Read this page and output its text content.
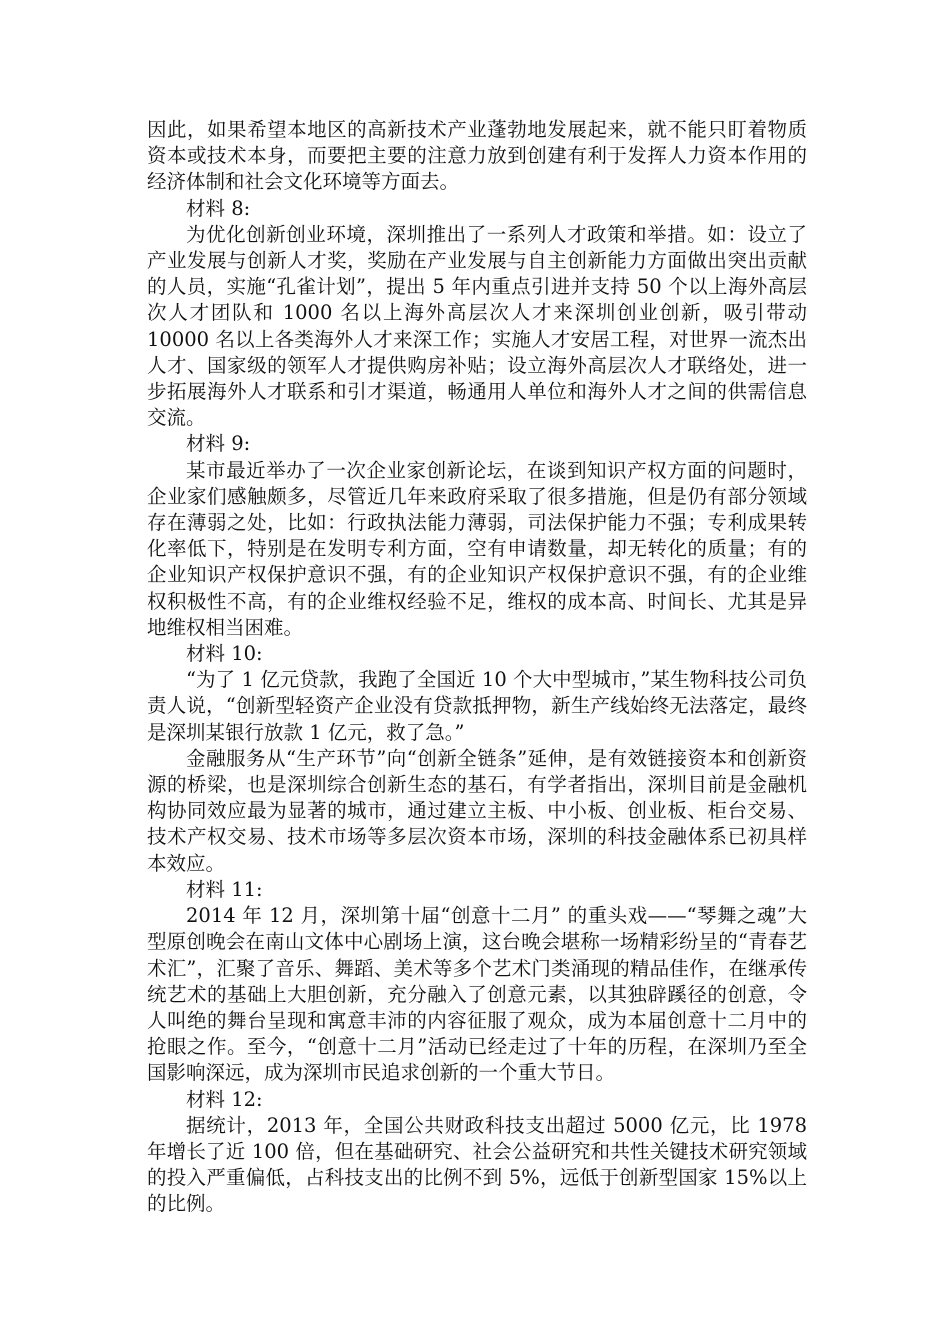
因此，如果希望本地区的高新技术产业蓬勃地发展起来，就不能只盯着物质资本或技术本身，而要把主要的注意力放到创建有利于发挥人力资本作用的经济体制和社会文化环境等方面去。

材料 8:

为优化创新创业环境，深圳推出了一系列人才政策和举措。如：设立了产业发展与创新人才奖，奖励在产业发展与自主创新能力方面做出突出贡献的人员，实施“孔雀计划”，提出 5 年内重点引进并支持 50 个以上海外高层次人才团队和 1000 名以上海外高层次人才来深圳创业创新，吸引带动 10000 名以上各类海外人才来深工作；实施人才安居工程，对世界一流杰出人才、国家级的领军人才提供购房补贴；设立海外高层次人才联络处，进一步拓展海外人才联系和引才渠道，畅通用人单位和海外人才之间的供需信息交流。

材料 9:

某市最近举办了一次企业家创新论坛，在谈到知识产权方面的问题时，企业家们感触颇多，尽管近几年来政府采取了很多措施，但是仍有部分领域存在薄弱之处，比如：行政执法能力薄弱，司法保护能力不强；专利成果转化率低下，特别是在发明专利方面，空有申请数量，却无转化的质量；有的企业知识产权保护意识不强，有的企业知识产权保护意识不强，有的企业维权积极性不高，有的企业维权经验不足，维权的成本高、时间长、尤其是异地维权相当困难。

材料 10:

“为了 1 亿元贷款，我跑了全国近 10 个大中型城市，”某生物科技公司负责人说，“创新型轻资产企业没有贷款抵押物，新生产线始终无法落定，最终是深圳某银行放款 1 亿元，救了急。”

金融服务从“生产环节”向“创新全链条”延伸，是有效链接资本和创新资源的桥梁，也是深圳综合创新生态的基石，有学者指出，深圳目前是金融机构协同效应最为显著的城市，通过建立主板、中小板、创业板、柜台交易、技术产权交易、技术市场等多层次资本市场，深圳的科技金融体系已初具样本效应。

材料 11:

2014 年 12 月，深圳第十届“创意十二月” 的重头戏——“琴舞之魂”大型原创晚会在南山文体中心剧场上演，这台晚会堪称一场精彩纷呈的“青春艺术汇”，汇聚了音乐、舞蹈、美术等多个艺术门类涌现的精品佳作，在继承传统艺术的基础上大胆创新，充分融入了创意元素，以其独辟蹊径的创意，令人叫绝的舞台呈现和寓意丰沛的内容征服了观众，成为本届创意十二月中的抢眼之作。至今，“创意十二月”活动已经走过了十年的历程，在深圳乃至全国影响深远，成为深圳市民追求创新的一个重大节日。

材料 12:

据统计，2013 年，全国公共财政科技支出超过 5000 亿元，比 1978 年增长了近 100 倍，但在基础研究、社会公益研究和共性关键技术研究领域的投入严重偏低，占科技支出的比例不到 5%，远低于创新型国家 15%以上的比例。
